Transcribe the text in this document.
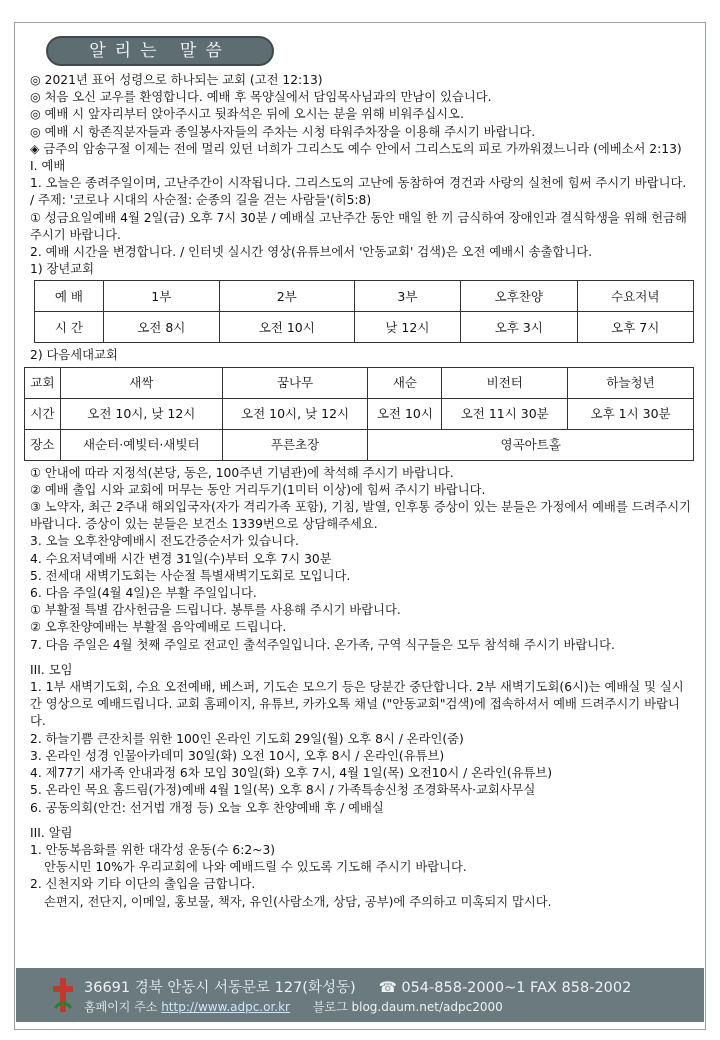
알리는 말씀

◎ 2021년 표어 성령으로 하나되는 교회 (고전 12:13)

◎ 처음 오신 교우를 환영합니다. 예배 후 목양실에서 담임목사님과의 만남이 있습니다.

◎ 예배 시 앞자리부터 앉아주시고 뒷좌석은 뒤에 오시는 분을 위해 비워주십시오.

◎ 예배 시 항존직분자들과 종일봉사자들의 주차는 시청 타워주차장을 이용해 주시기 바랍니다.

◈ 금주의 암송구절 이제는 전에 멀리 있던 너희가 그리스도 예수 안에서 그리스도의 피로 가까워졌느니라 (에베소서 2:13)

I. 예배

1. 오늘은 종려주일이며, 고난주간이 시작됩니다. 그리스도의 고난에 동참하여 경건과 사랑의 실천에 힘써 주시기 바랍니다. / 주제: '코로나 시대의 사순절: 순종의 길을 걷는 사람들'(히5:8)

① 성금요일예배 4월 2일(금) 오후 7시 30분 / 예배실 고난주간 동안 매일 한 끼 금식하여 장애인과 결식학생을 위해 헌금해 주시기 바랍니다.

2. 예배 시간을 변경합니다. / 인터넷 실시간 영상(유튜브에서 '안동교회' 검색)은 오전 예배시 송출합니다.

1) 장년교회

예 배	1부	2부	3부	오후찬양	수요저녁
시 간	오전 8시	오전 10시	낮 12시	오후 3시	오후 7시

2) 다음세대교회

교회	새싹	꿈나무	새순	비전터	하늘청년
시간	오전 10시, 낮 12시	오전 10시, 낮 12시	오전 10시	오전 11시 30분	오후 1시 30분
장소	새순터·예빛터·새빛터	푸른초장	영곡아트홀		

① 안내에 따라 지정석(본당, 동은, 100주년 기념관)에 착석해 주시기 바랍니다.

② 예배 출입 시와 교회에 머무는 동안 거리두기(1미터 이상)에 힘써 주시기 바랍니다.

③ 노약자, 최근 2주내 해외입국자(자가 격리가족 포함), 기침, 발열, 인후통 증상이 있는 분들은 가정에서 예배를 드려주시기 바랍니다. 증상이 있는 분들은 보건소 1339번으로 상담해주세요.

3. 오늘 오후찬양예배시 전도간증순서가 있습니다.

4. 수요저녁예배 시간 변경 31일(수)부터 오후 7시 30분

5. 전세대 새벽기도회는 사순절 특별새벽기도회로 모입니다.

6. 다음 주일(4월 4일)은 부활 주일입니다.

① 부활절 특별 감사헌금을 드립니다. 봉투를 사용해 주시기 바랍니다.

② 오후찬양예배는 부활절 음악예배로 드립니다.

7. 다음 주일은 4월 첫째 주일로 전교인 출석주일입니다. 온가족, 구역 식구들은 모두 참석해 주시기 바랍니다.

III. 모임

1. 1부 새벽기도회, 수요 오전예배, 베스퍼, 기도손 모으기 등은 당분간 중단합니다. 2부 새벽기도회(6시)는 예배실 및 실시간 영상으로 예배드립니다. 교회 홈페이지, 유튜브, 카카오톡 채널 ("안동교회"검색)에 접속하셔서 예배 드려주시기 바랍니다.

2. 하늘기쁨 큰잔치를 위한 100인 온라인 기도회 29일(월) 오후 8시 / 온라인(줌)

3. 온라인 성경 인물아카데미 30일(화) 오전 10시, 오후 8시 / 온라인(유튜브)

4. 제77기 새가족 안내과정 6차 모임 30일(화) 오후 7시, 4월 1일(목) 오전10시 / 온라인(유튜브)

5. 온라인 목요 홈드림(가정)예배 4월 1일(목) 오후 8시 / 가족특송신청 조경화목사·교회사무실

6. 공동의회(안건: 선거법 개정 등) 오늘 오후 찬양예배 후 / 예배실

III. 알림

1. 안동복음화를 위한 대각성 운동(수 6:2~3)

안동시민 10%가 우리교회에 나와 예배드릴 수 있도록 기도해 주시기 바랍니다.

2. 신천지와 기타 이단의 출입을 금합니다.

손편지, 전단지, 이메일, 홍보물, 책자, 유인(사람소개, 상담, 공부)에 주의하고 미혹되지 맙시다.

36691 경북 안동시 서동문로 127(화성동) ☎ 054-858-2000~1 FAX 858-2002
홈페이지 주소 http://www.adpc.or.kr 블로그 blog.daum.net/adpc2000
